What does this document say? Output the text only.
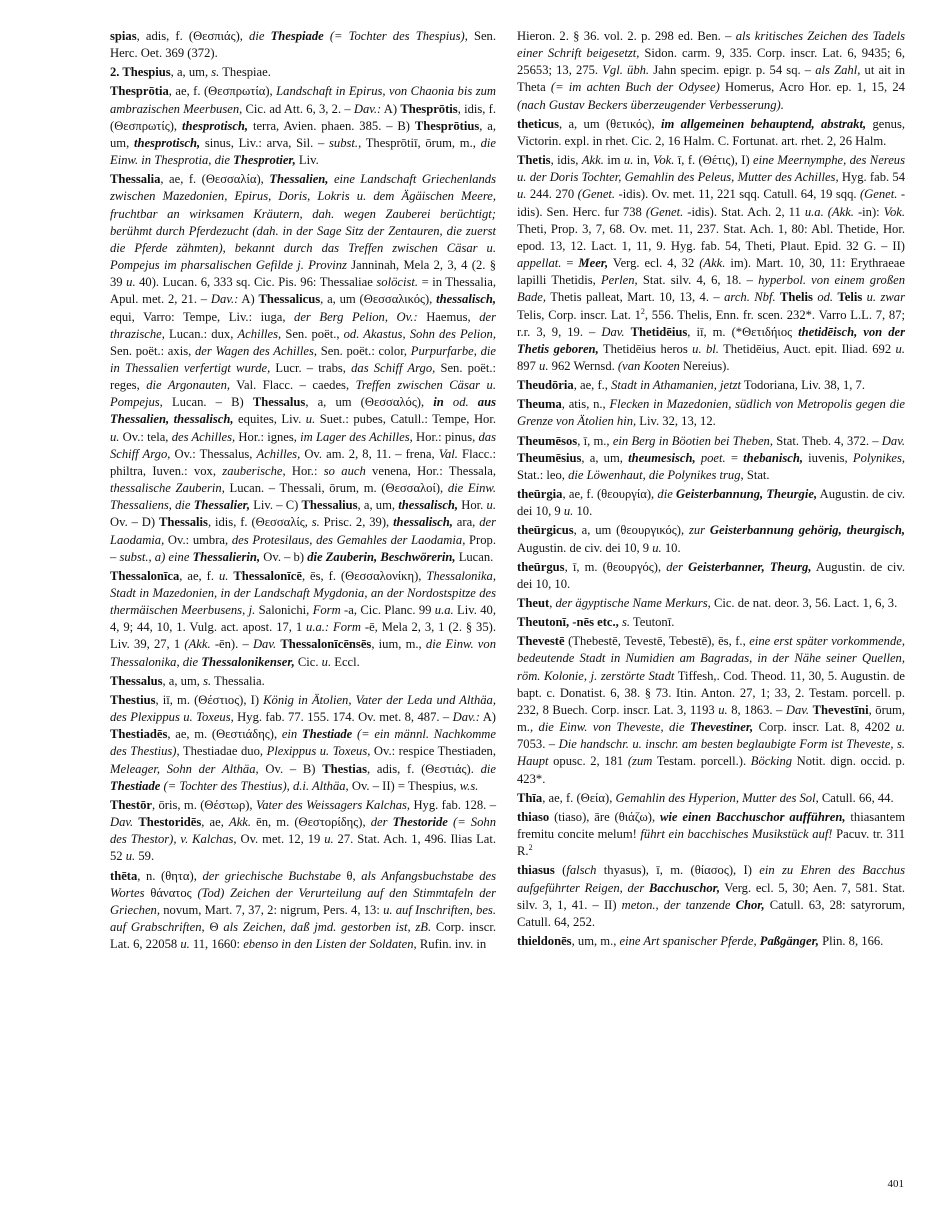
spias, adis, f. (Θεσπιάς), die Thespiade (= Tochter des Thespius), Sen. Herc. Oet. 369 (372).

2. Thespius, a, um, s. Thespiae.

Thesprōtia, ae, f. (Θεσπρωτία), Landschaft in Epirus, von Chaonia bis zum ambrazischen Meerbusen, Cic. ad Att. 6, 3, 2. – Dav.: A) Thesprōtis, idis, f. (Θεσπρωτίς), thesprotisch, terra, Avien. phaen. 385. – B) Thesprōtius, a, um, thesprotisch, sinus, Liv.: arva, Sil. – subst., Thesprōtiī, ōrum, m., die Einw. in Thesprotia, die Thesprotier, Liv.

Thessalia, ae, f. (Θεσσαλία), Thessalien, eine Landschaft Griechenlands zwischen Mazedonien, Epirus, Doris, Lokris u. dem Ägäischen Meere, fruchtbar an wirksamen Kräutern, dah. wegen Zauberei berüchtigt; berühmt durch Pferdezucht (dah. in der Sage Sitz der Zentauren, die zuerst die Pferde zähmten), bekannt durch das Treffen zwischen Cäsar u. Pompejus im pharsalischen Gefilde j. Provinz Janninah, Mela 2, 3, 4 (2. § 39 u. 40). Lucan. 6, 333 sq. Cic. Pis. 96: Thessaliae solöcist. = in Thessalia, Apul. met. 2, 21. – Dav.: A) Thessalicus, a, um (Θεσσαλικός), thessalisch, equi, Varro: Tempe, Liv.: iuga, der Berg Pelion, Ov.: Haemus, der thrazische, Lucan.: dux, Achilles, Sen. poët., od. Akastus, Sohn des Pelion, Sen. poët.: axis, der Wagen des Achilles, Sen. poët.: color, Purpurfarbe, die in Thessalien verfertigt wurde, Lucr. – trabs, das Schiff Argo, Sen. poët.: reges, die Argonauten, Val. Flacc. – caedes, Treffen zwischen Cäsar u. Pompejus, Lucan. – B) Thessalus, a, um (Θεσσαλός), in od. aus Thessalien, thessalisch, equites, Liv. u. Suet.: pubes, Catull.: Tempe, Hor. u. Ov.: tela, des Achilles, Hor.: ignes, im Lager des Achilles, Hor.: pinus, das Schiff Argo, Ov.: Thessalus, Achilles, Ov. am. 2, 8, 11. – frena, Val. Flacc.: philtra, Iuven.: vox, zauberische, Hor.: so auch venena, Hor.: Thessala, thessalische Zauberin, Lucan. – Thessali, ōrum, m. (Θεσσαλοί), die Einw. Thessaliens, die Thessalier, Liv. – C) Thessalius, a, um, thessalisch, Hor. u. Ov. – D) Thessalis, idis, f. (Θεσσαλίς, s. Prisc. 2, 39), thessalisch, ara, der Laodamia, Ov.: umbra, des Protesilaus, des Gemahles der Laodamia, Prop. – subst., a) eine Thessalierin, Ov. – b) die Zauberin, Beschwörerin, Lucan.

Thessalonīca, ae, f. u. Thessalonīcē, ēs, f. (Θεσσαλονίκη), Thessalonika, Stadt in Mazedonien, in der Landschaft Mygdonia, an der Nordostspitze des thermäischen Meerbusens, j. Salonichi, Form -a, Cic. Planc. 99 u.a. Liv. 40, 4, 9; 44, 10, 1. Vulg. act. apost. 17, 1 u.a.: Form -ē, Mela 2, 3, 1 (2. § 35). Liv. 39, 27, 1 (Akk. -ēn). – Dav. Thessalonīcēnsēs, ium, m., die Einw. von Thessalonika, die Thessalonikenser, Cic. u. Eccl.

Thessalus, a, um, s. Thessalia.

Thestius, iī, m. (Θέστιος), I) König in Ätolien, Vater der Leda und Althäa, des Plexippus u. Toxeus, Hyg. fab. 77. 155. 174. Ov. met. 8, 487. – Dav.: A) Thestiadēs, ae, m. (Θεστιάδης), ein Thestiade (= ein männl. Nachkomme des Thestius), Thestiadae duo, Plexippus u. Toxeus, Ov.: respice Thestiaden, Meleager, Sohn der Althäa, Ov. – B) Thestias, adis, f. (Θεστιάς). die Thestiade (= Tochter des Thestius), d.i. Althäa, Ov. – II) = Thespius, w.s.

Thestōr, ōris, m. (Θέστωρ), Vater des Weissagers Kalchas, Hyg. fab. 128. – Dav. Thestoridēs, ae, Akk. ēn, m. (Θεστορίδης), der Thestoride (= Sohn des Thestor), v. Kalchas, Ov. met. 12, 19 u. 27. Stat. Ach. 1, 496. Ilias Lat. 52 u. 59.

thēta, n. (θητα), der griechische Buchstabe θ, als Anfangsbuchstabe des Wortes θάνατος (Tod) Zeichen der Verurteilung auf den Stimmtafeln der Griechen, novum, Mart. 7, 37, 2: nigrum, Pers. 4, 13: u. auf Inschriften, bes. auf Grabschriften, Θ als Zeichen, daß jmd. gestorben ist, zB. Corp. inscr. Lat. 6, 22058 u. 11, 1660: ebenso in den Listen der Soldaten, Rufin. inv. in

Hieron. 2. § 36. vol. 2. p. 298 ed. Ben. – als kritisches Zeichen des Tadels einer Schrift beigesetzt, Sidon. carm. 9, 335. Corp. inscr. Lat. 6, 9435; 6, 25653; 13, 275. Vgl. übh. Jahn specim. epigr. p. 54 sq. – als Zahl, ut ait in Theta (= im achten Buch der Odysee) Homerus, Acro Hor. ep. 1, 15, 24 (nach Gustav Beckers überzeugender Verbesserung).

theticus, a, um (θετικός), im allgemeinen behauptend, abstrakt, genus, Victorin. expl. in rhet. Cic. 2, 16 Halm. C. Fortunat. art. rhet. 2, 26 Halm.

Thetis, idis, Akk. im u. in, Vok. ī, f. (Θέτις), I) eine Meernymphe, des Nereus u. der Doris Tochter, Gemahlin des Peleus, Mutter des Achilles, Hyg. fab. 54 u. 244. 270 (Genet. -idis). Ov. met. 11, 221 sqq. Catull. 64, 19 sqq. (Genet. -idis). Sen. Herc. fur 738 (Genet. -idis). Stat. Ach. 2, 11 u.a. (Akk. -in): Vok. Theti, Prop. 3, 7, 68. Ov. met. 11, 237. Stat. Ach. 1, 80: Abl. Thetide, Hor. epod. 13, 12. Lact. 1, 11, 9. Hyg. fab. 54, Theti, Plaut. Epid. 32 G. – II) appellat. = Meer, Verg. ecl. 4, 32 (Akk. im). Mart. 10, 30, 11: Erythraeae lapilli Thetidis, Perlen, Stat. silv. 4, 6, 18. – hyperbol. von einem großen Bade, Thetis palleat, Mart. 10, 13, 4. – arch. Nbf. Thelis od. Telis u. zwar Telis, Corp. inscr. Lat. $1^2$, 556. Thelis, Enn. fr. scen. 232*. Varro L.L. 7, 87; r.r. 3, 9, 19. – Dav. Thetidēius, iī, m. (*Θετιδήιος thetidēisch, von der Thetis geboren, Thetidēius heros u. bl. Thetidēius, Auct. epit. Iliad. 692 u. 897 u. 962 Wernsd. (van Kooten Nereius).

Theudōria, ae, f., Stadt in Athamanien, jetzt Todoriana, Liv. 38, 1, 7.

Theuma, atis, n., Flecken in Mazedonien, südlich von Metropolis gegen die Grenze von Ätolien hin, Liv. 32, 13, 12.

Theumēsos, ī, m., ein Berg in Böotien bei Theben, Stat. Theb. 4, 372. – Dav. Theumēsius, a, um, theumesisch, poet. = thebanisch, iuvenis, Polynikes, Stat.: leo, die Löwenhaut, die Polynikes trug, Stat.

theūrgia, ae, f. (θεουργία), die Geisterbannung, Theurgie, Augustin. de civ. dei 10, 9 u. 10.

theūrgicus, a, um (θεουργικός), zur Geisterbannung gehörig, theurgisch, Augustin. de civ. dei 10, 9 u. 10.

theūrgus, ī, m. (θεουργός), der Geisterbanner, Theurg, Augustin. de civ. dei 10, 10.

Theut, der ägyptische Name Merkurs, Cic. de nat. deor. 3, 56. Lact. 1, 6, 3.

Theutonī, -nēs etc., s. Teutonī.

Thevestē (Thebestē, Tevestē, Tebestē), ēs, f., eine erst später vorkommende, bedeutende Stadt in Numidien am Bagradas, in der Nähe seiner Quellen, röm. Kolonie, j. zerstörte Stadt Tiffesh,. Cod. Theod. 11, 30, 5. Augustin. de bapt. c. Donatist. 6, 38. § 73. Itin. Anton. 27, 1; 33, 2. Testam. porcell. p. 232, 8 Buech. Corp. inscr. Lat. 3, 1193 u. 8, 1863. – Dav. Thevestīni, ōrum, m., die Einw. von Theveste, die Thevestiner, Corp. inscr. Lat. 8, 4202 u. 7053. – Die handschr. u. inschr. am besten beglaubigte Form ist Theveste, s. Haupt opusc. 2, 181 (zum Testam. porcell.). Böcking Notit. dign. occid. p. 423*.

Thīa, ae, f. (Θεία), Gemahlin des Hyperion, Mutter des Sol, Catull. 66, 44.

thiaso (tiaso), āre (θιάζω), wie einen Bacchuschor aufführen, thiasantem fremitu concite melum! führt ein bacchisches Musikstück auf! Pacuv. tr. 311 R.$^2$

thiasus (falsch thyasus), ī, m. (θίασος), I) ein zu Ehren des Bacchus aufgeführter Reigen, der Bacchuschor, Verg. ecl. 5, 30; Aen. 7, 581. Stat. silv. 3, 1, 41. – II) meton., der tanzende Chor, Catull. 63, 28: satyrorum, Catull. 64, 252.

thieldonēs, um, m., eine Art spanischer Pferde, Paßgänger, Plin. 8, 166.

401
